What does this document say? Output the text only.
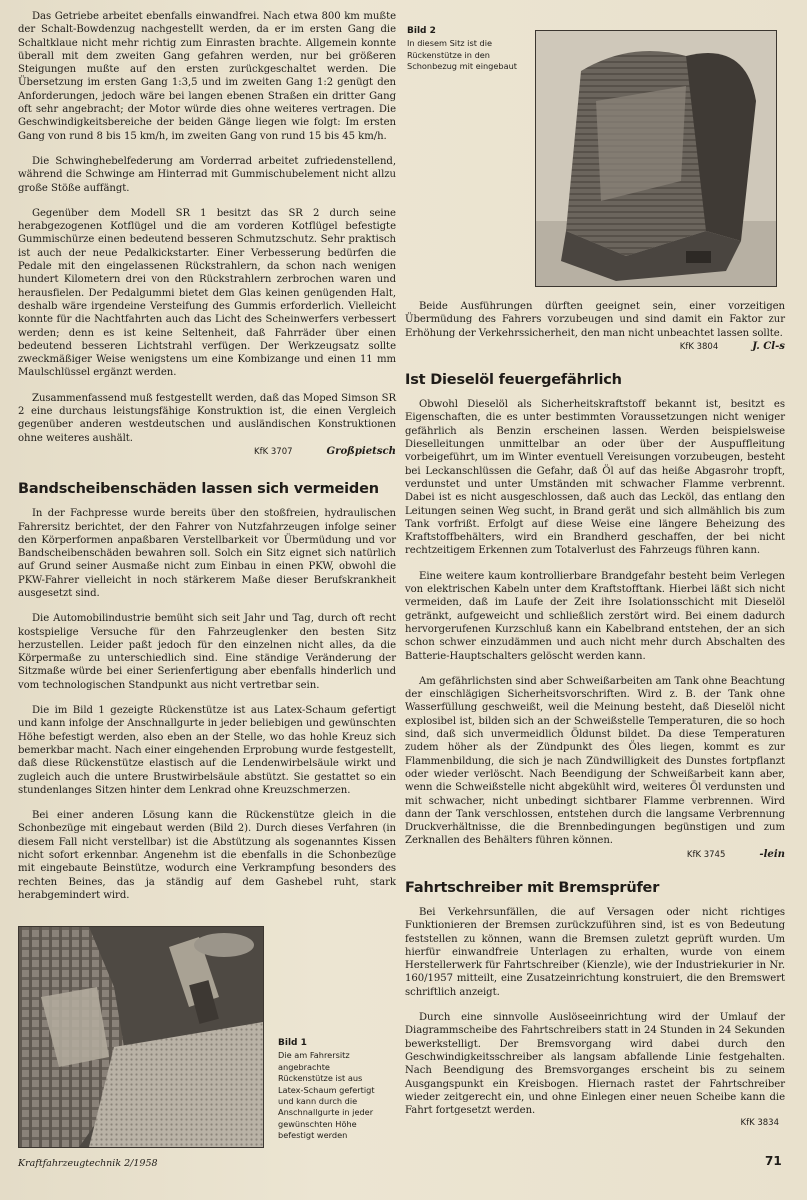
Das Getriebe arbeitet ebenfalls einwandfrei. Nach etwa 800 km mußte der Schalt-Bowdenzug nachgestellt werden, da er im ersten Gang die Schaltklaue nicht mehr richtig zum Einrasten brachte. Allgemein konnte überall mit dem zweiten Gang gefahren werden, nur bei größeren Steigungen mußte auf den ersten zurückgeschaltet werden. Die Übersetzung im ersten Gang 1:3,5 und im zweiten Gang 1:2 genügt den Anforderungen, jedoch wäre bei langen ebenen Straßen ein dritter Gang oft sehr angebracht; der Motor würde dies ohne weiteres vertragen. Die Geschwindigkeitsbereiche der beiden Gänge liegen wie folgt: Im ersten Gang von rund 8 bis 15 km/h, im zweiten Gang von rund 15 bis 45 km/h.

Die Schwinghebelfederung am Vorderrad arbeitet zufriedenstellend, während die Schwinge am Hinterrad mit Gummischubelement nicht allzu große Stöße auffängt.

Gegenüber dem Modell SR 1 besitzt das SR 2 durch seine herabgezogenen Kotflügel und die am vorderen Kotflügel befestigte Gummischürze einen bedeutend besseren Schmutzschutz. Sehr praktisch ist auch der neue Pedalkickstarter. Einer Verbesserung bedürfen die Pedale mit den eingelassenen Rückstrahlern, da schon nach wenigen hundert Kilometern drei von den Rückstrahlern zerbrochen waren und herausfielen. Der Pedalgummi bietet dem Glas keinen genügenden Halt, deshalb wäre irgendeine Versteifung des Gummis erforderlich. Vielleicht konnte für die Nachtfahrten auch das Licht des Scheinwerfers verbessert werden; denn es ist keine Seltenheit, daß Fahrräder über einen bedeutend besseren Lichtstrahl verfügen. Der Werkzeugsatz sollte zweckmäßiger Weise wenigstens um eine Kombizange und einen 11 mm Maulschlüssel ergänzt werden.

Zusammenfassend muß festgestellt werden, daß das Moped Simson SR 2 eine durchaus leistungsfähige Konstruktion ist, die einen Vergleich gegenüber anderen westdeutschen und ausländischen Konstruktionen ohne weiteres aushält.

KfK 3707	Großpietsch
Bandscheibenschäden lassen sich vermeiden

In der Fachpresse wurde bereits über den stoßfreien, hydraulischen Fahrersitz berichtet, der den Fahrer von Nutzfahrzeugen infolge seiner den Körperformen anpaßbaren Verstellbarkeit vor Übermüdung und vor Bandscheibenschäden bewahren soll. Solch ein Sitz eignet sich natürlich auf Grund seiner Ausmaße nicht zum Einbau in einen PKW, obwohl die PKW-Fahrer vielleicht in noch stärkerem Maße dieser Berufskrankheit ausgesetzt sind.

Die Automobilindustrie bemüht sich seit Jahr und Tag, durch oft recht kostspielige Versuche für den Fahrzeuglenker den besten Sitz herzustellen. Leider paßt jedoch für den einzelnen nicht alles, da die Körpermaße zu unterschiedlich sind. Eine ständige Veränderung der Sitzmaße würde bei einer Serienfertigung aber ebenfalls hinderlich und vom technologischen Standpunkt aus nicht vertretbar sein.

Die im Bild 1 gezeigte Rückenstütze ist aus Latex-Schaum gefertigt und kann infolge der Anschnallgurte in jeder beliebigen und gewünschten Höhe befestigt werden, also eben an der Stelle, wo das hohle Kreuz sich bemerkbar macht. Nach einer eingehenden Erprobung wurde festgestellt, daß diese Rückenstütze elastisch auf die Lendenwirbelsäule wirkt und zugleich auch die untere Brustwirbelsäule abstützt. Sie gestattet so ein stundenlanges Sitzen hinter dem Lenkrad ohne Kreuzschmerzen.

Bei einer anderen Lösung kann die Rückenstütze gleich in die Schonbezüge mit eingebaut werden (Bild 2). Durch dieses Verfahren (in diesem Fall nicht verstellbar) ist die Abstützung als sogenanntes Kissen nicht sofort erkennbar. Angenehm ist die ebenfalls in die Schonbezüge mit eingebaute Beinstütze, wodurch eine Verkrampfung besonders des rechten Beines, das ja ständig auf dem Gashebel ruht, stark herabgemindert wird.

Bild 1
Die am Fahrersitz angebrachte Rückenstütze ist aus Latex-Schaum gefertigt und kann durch die Anschnallgurte in jeder gewünschten Höhe befestigt werden
Bild 2
In diesem Sitz ist die Rückenstütze in den Schonbezug mit eingebaut

Beide Ausführungen dürften geeignet sein, einer vorzeitigen Übermüdung des Fahrers vorzubeugen und sind damit ein Faktor zur Erhöhung der Verkehrssicherheit, den man nicht unbeachtet lassen sollte.

KfK 3804	J. Cl-s
Ist Dieselöl feuergefährlich

Obwohl Dieselöl als Sicherheitskraftstoff bekannt ist, besitzt es Eigenschaften, die es unter bestimmten Voraussetzungen nicht weniger gefährlich als Benzin erscheinen lassen. Werden beispielsweise Dieselleitungen unmittelbar an oder über der Auspuffleitung vorbeigeführt, um im Winter eventuell Vereisungen vorzubeugen, besteht bei Leckanschlüssen die Gefahr, daß Öl auf das heiße Abgasrohr tropft, verdunstet und unter Umständen mit schwacher Flamme verbrennt. Dabei ist es nicht ausgeschlossen, daß auch das Lecköl, das entlang den Leitungen seinen Weg sucht, in Brand gerät und sich allmählich bis zum Tank vorfrißt. Erfolgt auf diese Weise eine längere Beheizung des Kraftstoffbehälters, wird ein Brandherd geschaffen, der bei nicht rechtzeitigem Erkennen zum Totalverlust des Fahrzeugs führen kann.

Eine weitere kaum kontrollierbare Brandgefahr besteht beim Verlegen von elektrischen Kabeln unter dem Kraftstofftank. Hierbei läßt sich nicht vermeiden, daß im Laufe der Zeit ihre Isolationsschicht mit Dieselöl getränkt, aufgeweicht und schließlich zerstört wird. Bei einem dadurch hervorgerufenen Kurzschluß kann ein Kabelbrand entstehen, der an sich schon schwer einzudämmen und auch nicht mehr durch Abschalten des Batterie-Hauptschalters gelöscht werden kann.

Am gefährlichsten sind aber Schweißarbeiten am Tank ohne Beachtung der einschlägigen Sicherheitsvorschriften. Wird z. B. der Tank ohne Wasserfüllung geschweißt, weil die Meinung besteht, daß Dieselöl nicht explosibel ist, bilden sich an der Schweißstelle Temperaturen, die so hoch sind, daß sich unvermeidlich Öldunst bildet. Da diese Temperaturen zudem höher als der Zündpunkt des Öles liegen, kommt es zur Flammenbildung, die sich je nach Zündwilligkeit des Dunstes fortpflanzt oder wieder verlöscht. Nach Beendigung der Schweißarbeit kann aber, wenn die Schweißstelle nicht abgekühlt wird, weiteres Öl verdunsten und mit schwacher, nicht unbedingt sichtbarer Flamme verbrennen. Wird dann der Tank verschlossen, entstehen durch die langsame Verbrennung Druckverhältnisse, die die Brennbedingungen begünstigen und zum Zerknallen des Behälters führen können.

KfK 3745	-lein
Fahrtschreiber mit Bremsprüfer

Bei Verkehrsunfällen, die auf Versagen oder nicht richtiges Funktionieren der Bremsen zurückzuführen sind, ist es von Bedeutung feststellen zu können, wann die Bremsen zuletzt geprüft wurden. Um hierfür einwandfreie Unterlagen zu erhalten, wurde von einem Herstellerwerk für Fahrtschreiber (Kienzle), wie der Industriekurier in Nr. 160/1957 mitteilt, eine Zusatzeinrichtung konstruiert, die den Bremswert schriftlich anzeigt.

Durch eine sinnvolle Auslöseeinrichtung wird der Umlauf der Diagrammscheibe des Fahrtschreibers statt in 24 Stunden in 24 Sekunden bewerkstelligt. Der Bremsvorgang wird dabei durch den Geschwindigkeitsschreiber als langsam abfallende Linie festgehalten. Nach Beendigung des Bremsvorganges erscheint bis zu seinem Ausgangspunkt ein Kreisbogen. Hiernach rastet der Fahrtschreiber wieder zeitgerecht ein, und ohne Einlegen einer neuen Scheibe kann die Fahrt fortgesetzt werden.

KfK 3834
Kraftfahrzeugtechnik 2/1958	71
